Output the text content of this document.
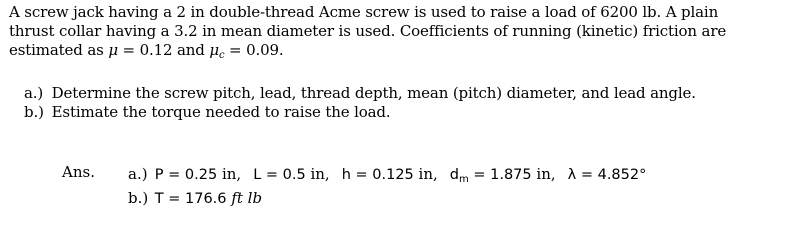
A screw jack having a 2 in double-thread Acme screw is used to raise a load of 6200 lb. A plain
thrust collar having a 3.2 in mean diameter is used. Coefficients of running (kinetic) friction are
estimated as μ = 0.12 and $\mu_c = 0.09$.
a.) Determine the screw pitch, lead, thread depth, mean (pitch) diameter, and lead angle.
b.) Estimate the torque needed to raise the load.
Ans. a.) P = 0.25 in, L = 0.5 in, h = 0.125 in, $d_m = 1.875$ in, λ = 4.852°
b.) T = 176.6 ft lb
